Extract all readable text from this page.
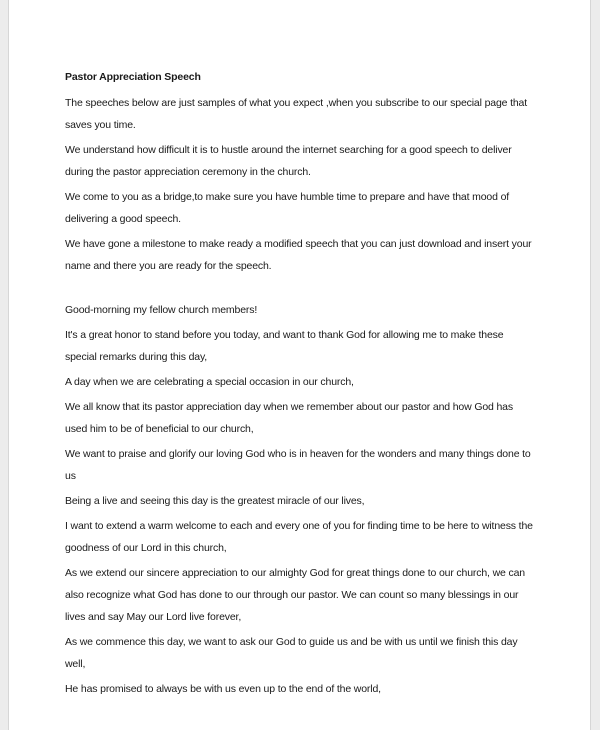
Pastor Appreciation Speech

The speeches below are just samples of what you expect ,when you subscribe to our special page that saves you time.

We understand how difficult it is to hustle around the internet searching for a good speech to deliver during the pastor appreciation ceremony in the church.

We come to you as a bridge,to make sure you have humble time to prepare and have that mood of delivering a good speech.

We have gone a milestone to make ready a modified speech that you can just download and insert your name and there you are ready for the speech.

Good-morning my fellow church members!

It's a great honor to stand before you today, and want to thank God for allowing me to make these special remarks during this day,

A day when we are celebrating a special occasion in our church,

We all know that its pastor appreciation day when we remember about our pastor and how God has used him to be of beneficial to our church,

We want to praise and glorify our loving God who is in heaven for the wonders and many things done to us

Being a live and seeing this day is the greatest miracle of our lives,

I want to extend a warm welcome to each and every one of you for finding time to be here to witness the goodness of our Lord in this church,

As we extend our sincere appreciation to our almighty God for great things done to our church, we can also recognize what God has done to our through our pastor. We can count so many blessings in our lives and say May our Lord live forever,

As we commence this day, we want to ask our God to guide us and be with us until we finish this day well,

He has promised to always be with us even up to the end of the world,
